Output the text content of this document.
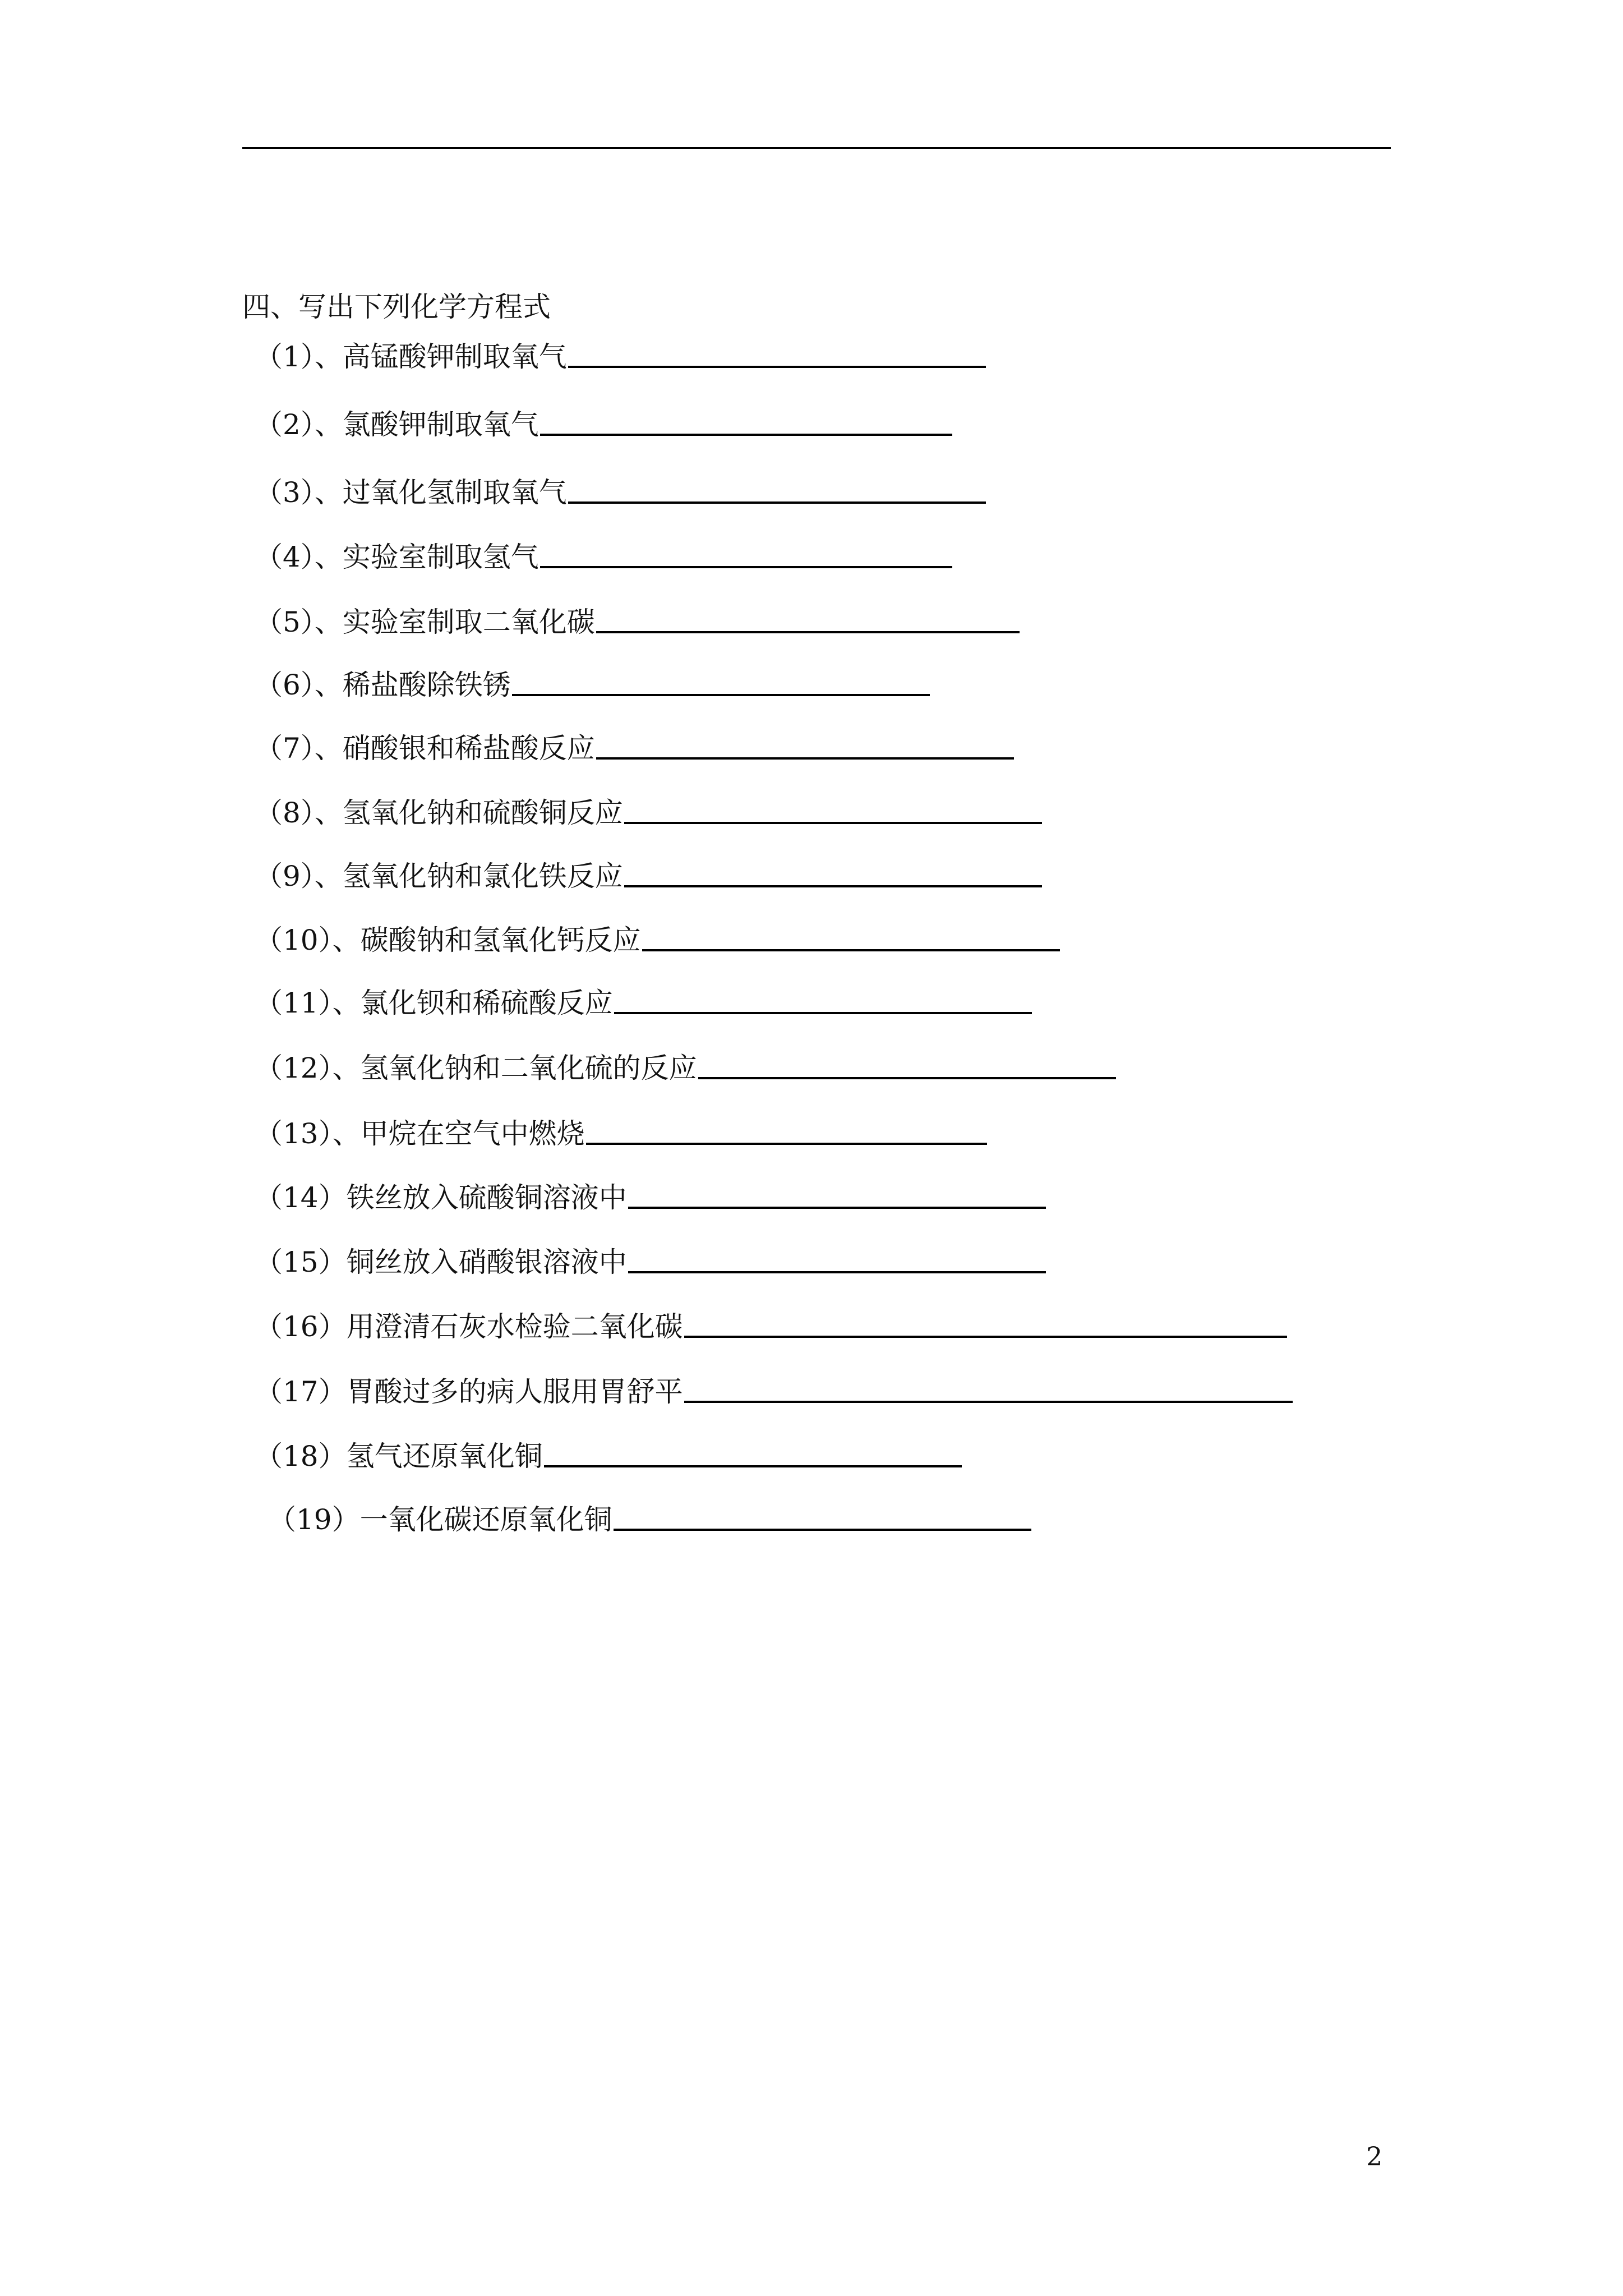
四、写出下列化学方程式
（1）、高锰酸钾制取氧气
（2）、氯酸钾制取氧气
（3）、过氧化氢制取氧气
（4）、实验室制取氢气
（5）、实验室制取二氧化碳
（6）、稀盐酸除铁锈
（7）、硝酸银和稀盐酸反应
（8）、氢氧化钠和硫酸铜反应
（9）、氢氧化钠和氯化铁反应
（10）、碳酸钠和氢氧化钙反应
（11）、氯化钡和稀硫酸反应
（12）、氢氧化钠和二氧化硫的反应
（13）、甲烷在空气中燃烧
（14）铁丝放入硫酸铜溶液中
（15）铜丝放入硝酸银溶液中
（16）用澄清石灰水检验二氧化碳
（17）胃酸过多的病人服用胃舒平
（18）氢气还原氧化铜
（19）一氧化碳还原氧化铜
2
